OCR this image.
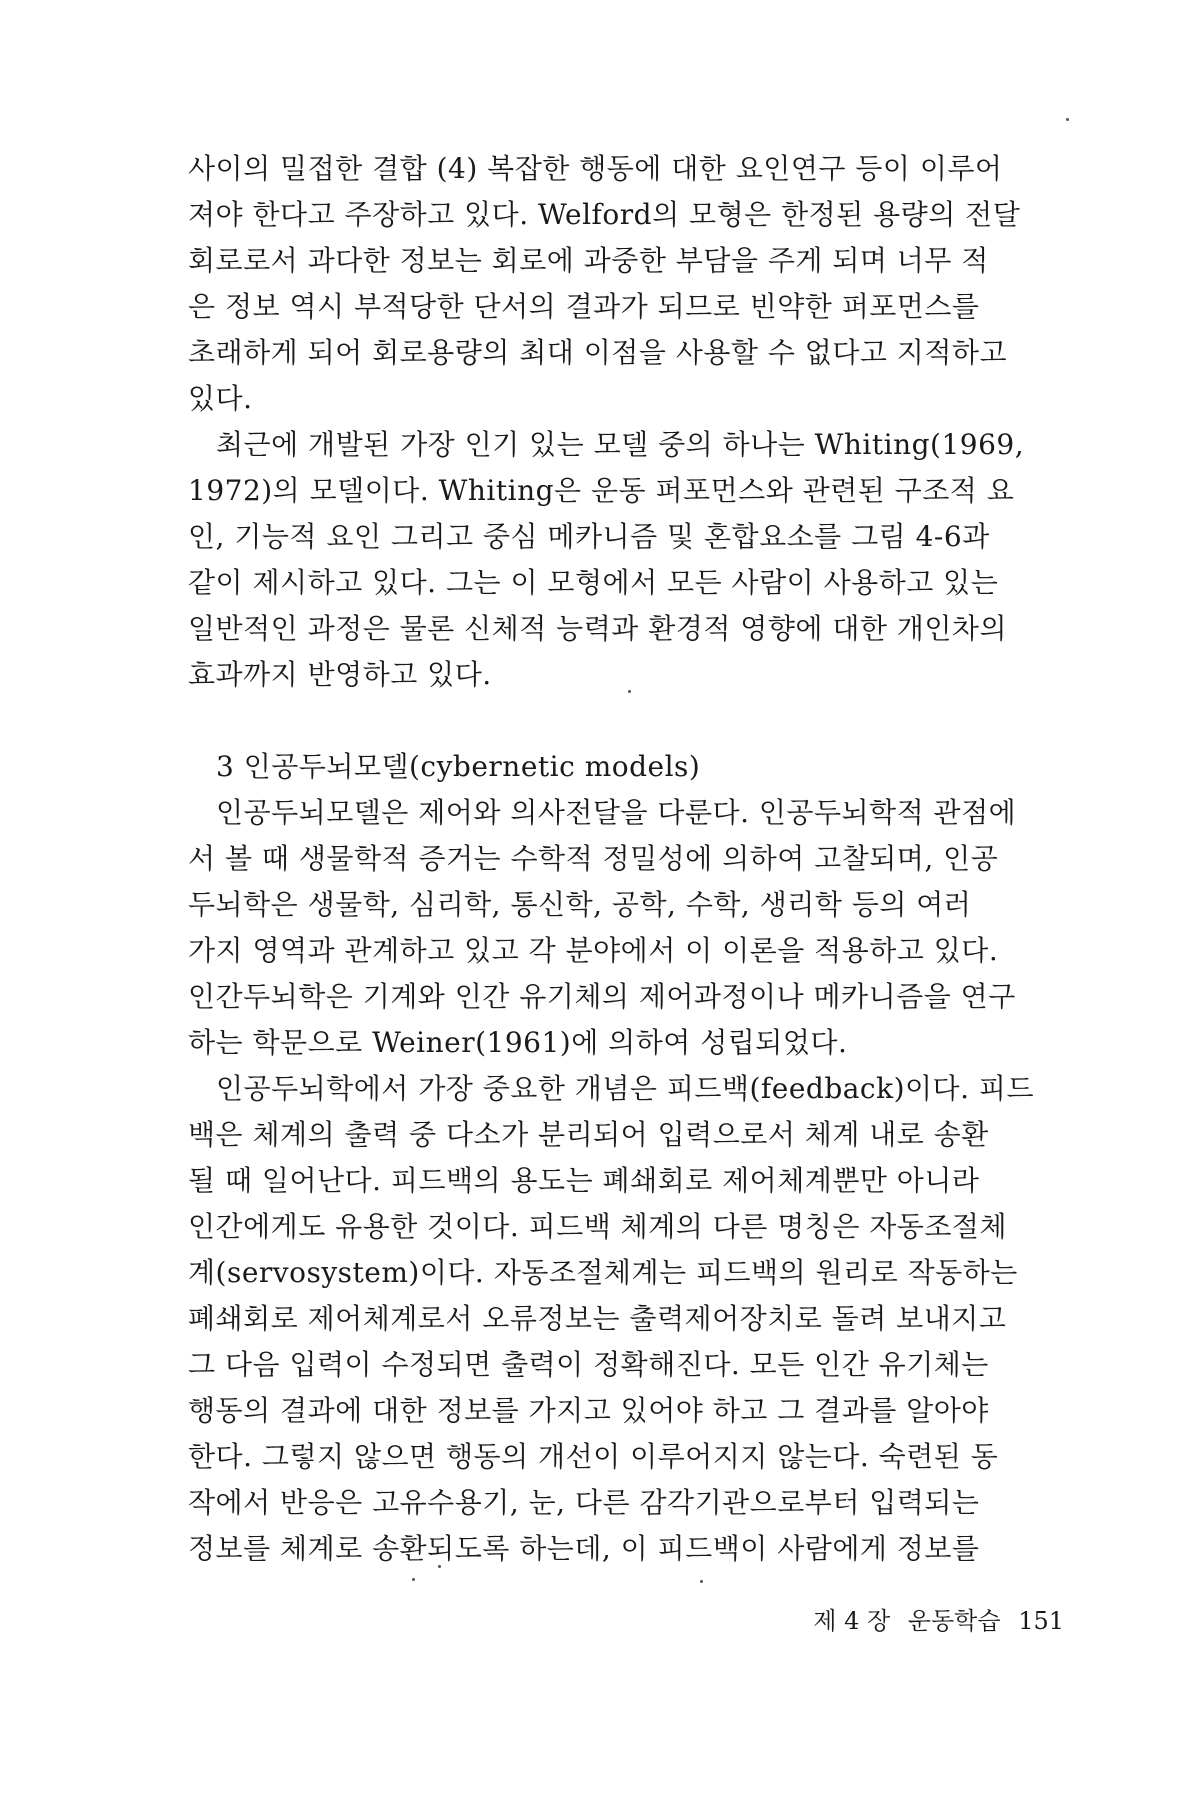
사이의 밀접한 결합 (4) 복잡한 행동에 대한 요인연구 등이 이루어
져야 한다고 주장하고 있다. Welford의 모형은 한정된 용량의 전달
회로로서 과다한 정보는 회로에 과중한 부담을 주게 되며 너무 적
은 정보 역시 부적당한 단서의 결과가 되므로 빈약한 퍼포먼스를
초래하게 되어 회로용량의 최대 이점을 사용할 수 없다고 지적하고
있다.
최근에 개발된 가장 인기 있는 모델 중의 하나는 Whiting(1969,
1972)의 모델이다. Whiting은 운동 퍼포먼스와 관련된 구조적 요
인, 기능적 요인 그리고 중심 메카니즘 및 혼합요소를 그림 4-6과
같이 제시하고 있다. 그는 이 모형에서 모든 사람이 사용하고 있는
일반적인 과정은 물론 신체적 능력과 환경적 영향에 대한 개인차의
효과까지 반영하고 있다.
3 인공두뇌모델(cybernetic models)
인공두뇌모델은 제어와 의사전달을 다룬다. 인공두뇌학적 관점에
서 볼 때 생물학적 증거는 수학적 정밀성에 의하여 고찰되며, 인공
두뇌학은 생물학, 심리학, 통신학, 공학, 수학, 생리학 등의 여러
가지 영역과 관계하고 있고 각 분야에서 이 이론을 적용하고 있다.
인간두뇌학은 기계와 인간 유기체의 제어과정이나 메카니즘을 연구
하는 학문으로 Weiner(1961)에 의하여 성립되었다.
인공두뇌학에서 가장 중요한 개념은 피드백(feedback)이다. 피드
백은 체계의 출력 중 다소가 분리되어 입력으로서 체계 내로 송환
될 때 일어난다. 피드백의 용도는 폐쇄회로 제어체계뿐만 아니라
인간에게도 유용한 것이다. 피드백 체계의 다른 명칭은 자동조절체
계(servosystem)이다. 자동조절체계는 피드백의 원리로 작동하는
폐쇄회로 제어체계로서 오류정보는 출력제어장치로 돌려 보내지고
그 다음 입력이 수정되면 출력이 정확해진다. 모든 인간 유기체는
행동의 결과에 대한 정보를 가지고 있어야 하고 그 결과를 알아야
한다. 그렇지 않으면 행동의 개선이 이루어지지 않는다. 숙련된 동
작에서 반응은 고유수용기, 눈, 다른 감각기관으로부터 입력되는
정보를 체계로 송환되도록 하는데, 이 피드백이 사람에게 정보를
제 4 장 운동학습 151
